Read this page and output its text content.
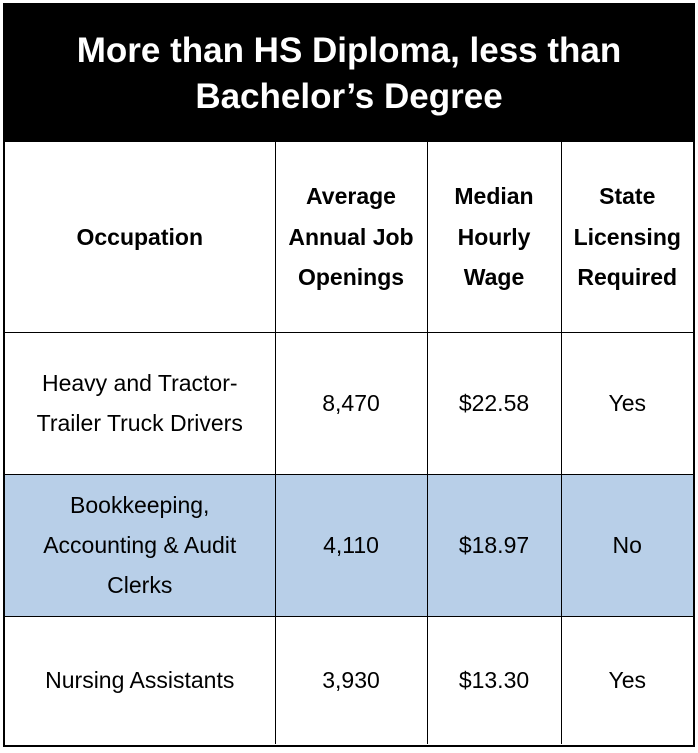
More than HS Diploma, less than Bachelor’s Degree
Occupation	Average Annual Job Openings	Median Hourly Wage	State Licensing Required
Heavy and Tractor-Trailer Truck Drivers	8,470	$22.58	Yes
Bookkeeping, Accounting & Audit Clerks	4,110	$18.97	No
Nursing Assistants	3,930	$13.30	Yes
